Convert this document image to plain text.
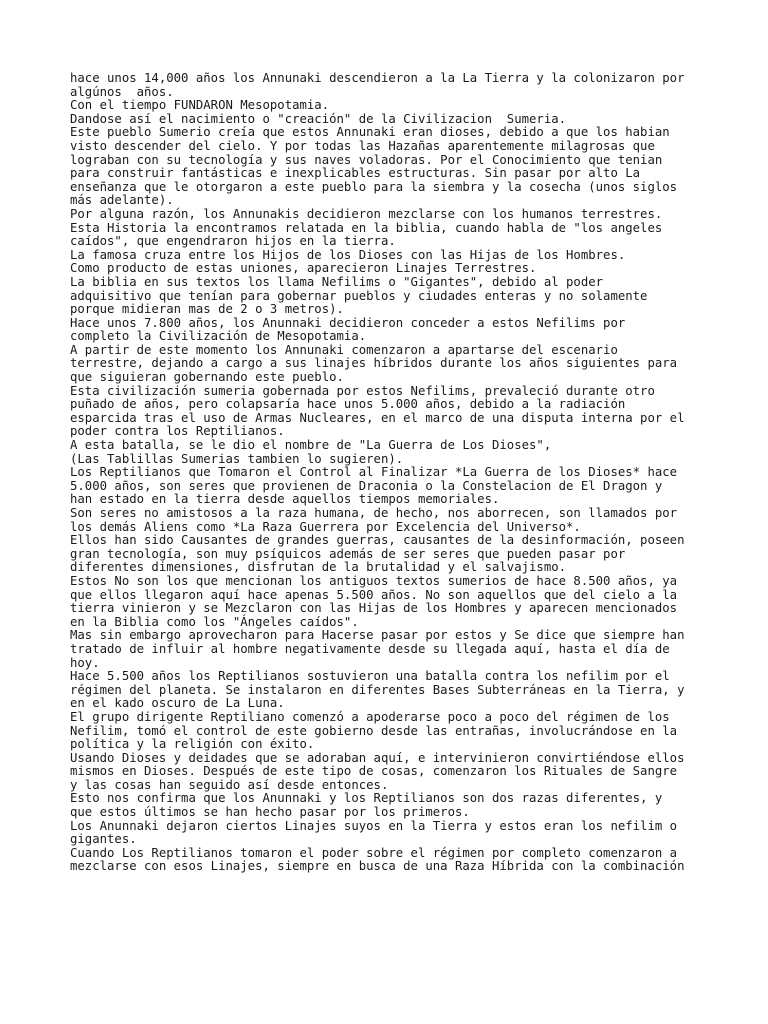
hace unos 14,000 años los Annunaki descendieron a la La Tierra y la colonizaron por
algúnos  años.
Con el tiempo FUNDARON Mesopotamia.
Dandose así el nacimiento o "creación" de la Civilizacion  Sumeria.
Este pueblo Sumerio creía que estos Annunaki eran dioses, debido a que los habian
visto descender del cielo. Y por todas las Hazañas aparentemente milagrosas que
lograban con su tecnología y sus naves voladoras. Por el Conocimiento que tenian
para construir fantásticas e inexplicables estructuras. Sin pasar por alto La
enseñanza que le otorgaron a este pueblo para la siembra y la cosecha (unos siglos
más adelante).
Por alguna razón, los Annunakis decidieron mezclarse con los humanos terrestres.
Esta Historia la encontramos relatada en la biblia, cuando habla de "los angeles
caídos", que engendraron hijos en la tierra.
La famosa cruza entre los Hijos de los Dioses con las Hijas de los Hombres.
Como producto de estas uniones, aparecieron Linajes Terrestres.
La biblia en sus textos los llama Nefilims o "Gigantes", debido al poder
adquisitivo que tenían para gobernar pueblos y ciudades enteras y no solamente
porque midieran mas de 2 o 3 metros).
Hace unos 7.800 años, los Anunnaki decidieron conceder a estos Nefilims por
completo la Civilización de Mesopotamia.
A partir de este momento los Annunaki comenzaron a apartarse del escenario
terrestre, dejando a cargo a sus linajes híbridos durante los años siguientes para
que siguieran gobernando este pueblo.
Esta civilización sumeria gobernada por estos Nefilims, prevaleció durante otro
puñado de años, pero colapsaría hace unos 5.000 años, debido a la radiación
esparcida tras el uso de Armas Nucleares, en el marco de una disputa interna por el
poder contra los Reptilianos.
A esta batalla, se le dio el nombre de "La Guerra de Los Dioses",
(Las Tablillas Sumerias tambien lo sugieren).
Los Reptilianos que Tomaron el Control al Finalizar *La Guerra de los Dioses* hace
5.000 años, son seres que provienen de Draconia o la Constelacion de El Dragon y
han estado en la tierra desde aquellos tiempos memoriales.
Son seres no amistosos a la raza humana, de hecho, nos aborrecen, son llamados por
los demás Aliens como *La Raza Guerrera por Excelencia del Universo*.
Ellos han sido Causantes de grandes guerras, causantes de la desinformación, poseen
gran tecnología, son muy psíquicos además de ser seres que pueden pasar por
diferentes dimensiones, disfrutan de la brutalidad y el salvajismo.
Estos No son los que mencionan los antiguos textos sumerios de hace 8.500 años, ya
que ellos llegaron aquí hace apenas 5.500 años. No son aquellos que del cielo a la
tierra vinieron y se Mezclaron con las Hijas de los Hombres y aparecen mencionados
en la Biblia como los "Ángeles caídos".
Mas sin embargo aprovecharon para Hacerse pasar por estos y Se dice que siempre han
tratado de influir al hombre negativamente desde su llegada aquí, hasta el día de
hoy.
Hace 5.500 años los Reptilianos sostuvieron una batalla contra los nefilim por el
régimen del planeta. Se instalaron en diferentes Bases Subterráneas en la Tierra, y
en el kado oscuro de La Luna.
El grupo dirigente Reptiliano comenzó a apoderarse poco a poco del régimen de los
Nefilim, tomó el control de este gobierno desde las entrañas, involucrándose en la
política y la religión con éxito.
Usando Dioses y deidades que se adoraban aquí, e intervinieron convirtiéndose ellos
mismos en Dioses. Después de este tipo de cosas, comenzaron los Rituales de Sangre
y las cosas han seguido así desde entonces.
Esto nos confirma que los Anunnaki y los Reptilianos son dos razas diferentes, y
que estos últimos se han hecho pasar por los primeros.
Los Anunnaki dejaron ciertos Linajes suyos en la Tierra y estos eran los nefilim o
gigantes.
Cuando Los Reptilianos tomaron el poder sobre el régimen por completo comenzaron a
mezclarse con esos Linajes, siempre en busca de una Raza Híbrida con la combinación
